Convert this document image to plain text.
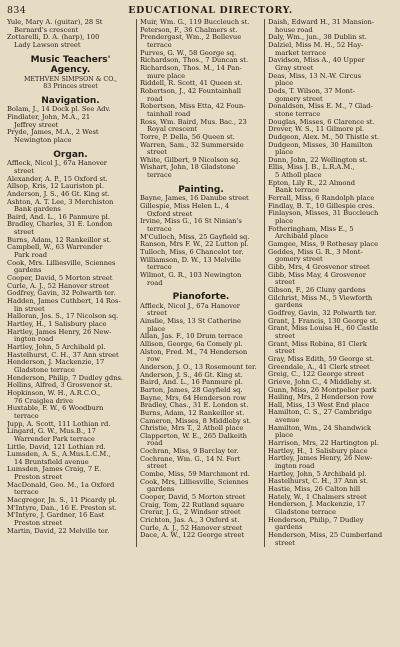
834	EDUCATIONAL DIRECTORY.
Yule, Mary A. (guitar), 28 St
Bernard's crescent
Zottarelli, D. A. (harp), 100
Lady Lawson street
Music Teachers'
Agency.
METHVEN SIMPSON & CO.,
83 Princes street
Navigation.
Bolam, J., 14 Dock pl. See Adv.
Findlater, John, M.A., 21
Jeffrey street
Pryde, James, M.A., 2 West
Newington place
Organ.
Affleck, Nicol J., 67a Hanover
street
Alexander, A. P., 15 Oxford st.
Allsop, Kris, 12 Lauriston pl.
Anderson, J. S., 46 Gt. King st.
Ashton, A. T. Lee, 3 Merchiston
Bank gardens
Baird, And. L., 16 Panmure pl.
Bradley, Charles, 31 E. London
street
Burns, Adam, 12 Rankeillor st.
Campbell, W., 63 Warrender
Park road
Cook, Mrs. Lilliesville, Sciennes
gardens
Cooper, David, 5 Morton street
Curle, A. J., 52 Hanover street
Godfrey, Gavin, 32 Polwarth ter.
Hadden, James Cuthbert, 14 Ros-
lin street
Halloran, Jos. S., 17 Nicolson sq.
Hartley, H., 1 Salisbury place
Hartley, James Henry, 26 New-
ington road
Hartley, John, 5 Archibald pl.
Hastelhurst, C. H., 37 Ann street
Henderson, J. Mackenzie, 17
Gladstone terrace
Henderson, Philip, 7 Dudley gdns.
Hollins, Alfred, 3 Grosvenor st.
Hopkinson, W. H., A.R.C.O.,
76 Craiglea drive
Huxtable, F. W., 6 Woodburn
terrace
Jupp, A. Scott, 111 Lothian rd.
Lingard, G. W., Mus.B., 17
Warrender Park terrace
Little, David, 121 Lothian rd.
Lumsden, A. S., A.Mus.L.C.M.,
14 Bruntsfield avenue
Lumsden, James Craig, 7 E.
Preston street
MacDonald, Geo. M., 1a Oxford
terrace
Macgregor, Jn. S., 11 Picardy pl.
M'Intyre, Dan., 16 E. Preston st.
M'Intyre, J. Gardner, 16 East
Preston street
Martin, David, 22 Melville ter.
Muir, Wm. G., 119 Buccleuch st.
Peterson, F., 36 Chalmers st.
Prendergast, Wm., 2 Bellevue
terrace
Purves, G. W., 58 George sq.
Richardson, Thos., 7 Duncan st.
Richardson, Thos. M., 14 Pan-
mure place
Riddell, R. Scott, 41 Queen st.
Robertson, J., 42 Fountainhall
road
Robertson, Miss Etta, 42 Foun-
tainhall road
Ross, Wm. Baird, Mus. Bac., 23
Royal crescent
Torre, P. Della, 56 Queen st.
Warren, Sam., 32 Summerside
street
White, Gilbert, 9 Nicolson sq.
Wishart, John, 18 Gladstone
terrace
Painting.
Bayne, James, 16 Danube street
Gillespie, Miss Helen L., 4
Oxford street
Irvine, Miss G., 16 St Ninian's
terrace
M'Culloch, Miss, 25 Gayfield sq.
Ranson, Mrs F. W., 22 Lutton pl.
Tulloch, Miss, 6 Chancelot ter.
Williamson, D. W., 13 Melville
terrace
Wilmot, G. R., 103 Newington
road
Pianoforte.
Affleck, Nicol J., 67a Hanover
street
Ainslie, Miss, 13 St Catherine
place
Allan, Jas. F., 10 Drum terrace
Allison, George, 6a Comely pl.
Alston, Fred. M., 74 Henderson
row
Anderson, J. O., 13 Rosemount ter.
Anderson, J. S., 46 Gt. King st.
Baird, And. L., 16 Panmure pl.
Barton, James, 28 Gayfield sq.
Bayne, Mrs, 64 Henderson row
Bradley, Chas., 31 E. London st.
Burns, Adam, 12 Rankeillor st.
Cameron, Misses, 8 Middleby st.
Christie, Mrs T., 2 Atholl place
Clapperton, W. E., 265 Dalkeith
road
Cochran, Miss, 9 Barclay ter.
Cochrane, Wm. G., 14 N. Fort
street
Combe, Miss, 59 Marchmont rd.
Cook, Mrs, Lilliesville, Sciennes
gardens
Cooper, David, 5 Morton street
Craig, Tom, 22 Rutland square
Crerar, J. G., 2 Windsor street
Crichton, Jas. A., 3 Oxford st.
Curle, A. J., 52 Hanover street
Dace, A. W., 122 George street
Daish, Edward H., 31 Mansion-
house road
Daly, Wm., jun., 38 Dublin st.
Dalziel, Miss M. H., 52 Hay-
market terrace
Davidson, Miss A., 40 Upper
Gray street
Deas, Miss, 13 N.-W. Circus
place
Dods, T. Wilson, 37 Mont-
gomery street
Donaldson, Miss E. M., 7 Glad-
stone terrace
Douglas, Misses, 6 Clarence st.
Drover, W. S., 11 Gilmore pl.
Dudgeon, Alex. M., 50 Thistle st.
Dudgeon, Misses, 30 Hamilton
place
Dunn, John, 22 Wellington st.
Ellis, Miss J. B., L.R.A.M.,
5 Atholl place
Epton, Lily R., 22 Almond
Bank terrace
Ferrall, Miss, 6 Randolph place
Findlay, B. T., 10 Gillespie cres.
Finlayson, Misses, 31 Buccleuch
place
Fotheringham, Miss E., 5
Archibald place
Gamgee, Miss, 9 Rothesay place
Geddes, Miss G. R., 3 Mont-
gomery street
Gibb, Mrs, 4 Grosvenor street
Gibb, Miss May, 4 Grosvenor
street
Gibson, F., 26 Cluny gardens
Gilchrist, Miss M., 5 Viewforth
gardens
Godfrey, Gavin, 32 Polwarth ter.
Grant, J. Francis, 130 George st.
Grant, Miss Louisa H., 60 Castle
street
Grant, Miss Robina, 81 Clerk
street
Gray, Miss Edith, 59 George st.
Greendale, A., 41 Clerk street
Greig, C., 122 George street
Grieve, John C., 4 Middleby st.
Gunn, Miss, 26 Montpelier park
Hailing, Mrs, 2 Henderson row
Hall, Miss, 13 West End place
Hamilton, C. S., 27 Cambridge
avenue
Hamilton, Wm., 24 Shandwick
place
Harrison, Mrs, 22 Hartington pl.
Hartley, H., 1 Salisbury place
Hartley, James Henry, 26 New-
ington road
Hartley, John, 5 Archibald pl.
Hastelhurst, C. H., 37 Ann st.
Hastie, Miss, 26 Calton hill
Hately, W., 1 Chalmers street
Henderson, J. Mackenzie, 17
Gladstone terrace
Henderson, Philip, 7 Dudley
gardens
Henderson, Miss, 25 Cumberland
street
